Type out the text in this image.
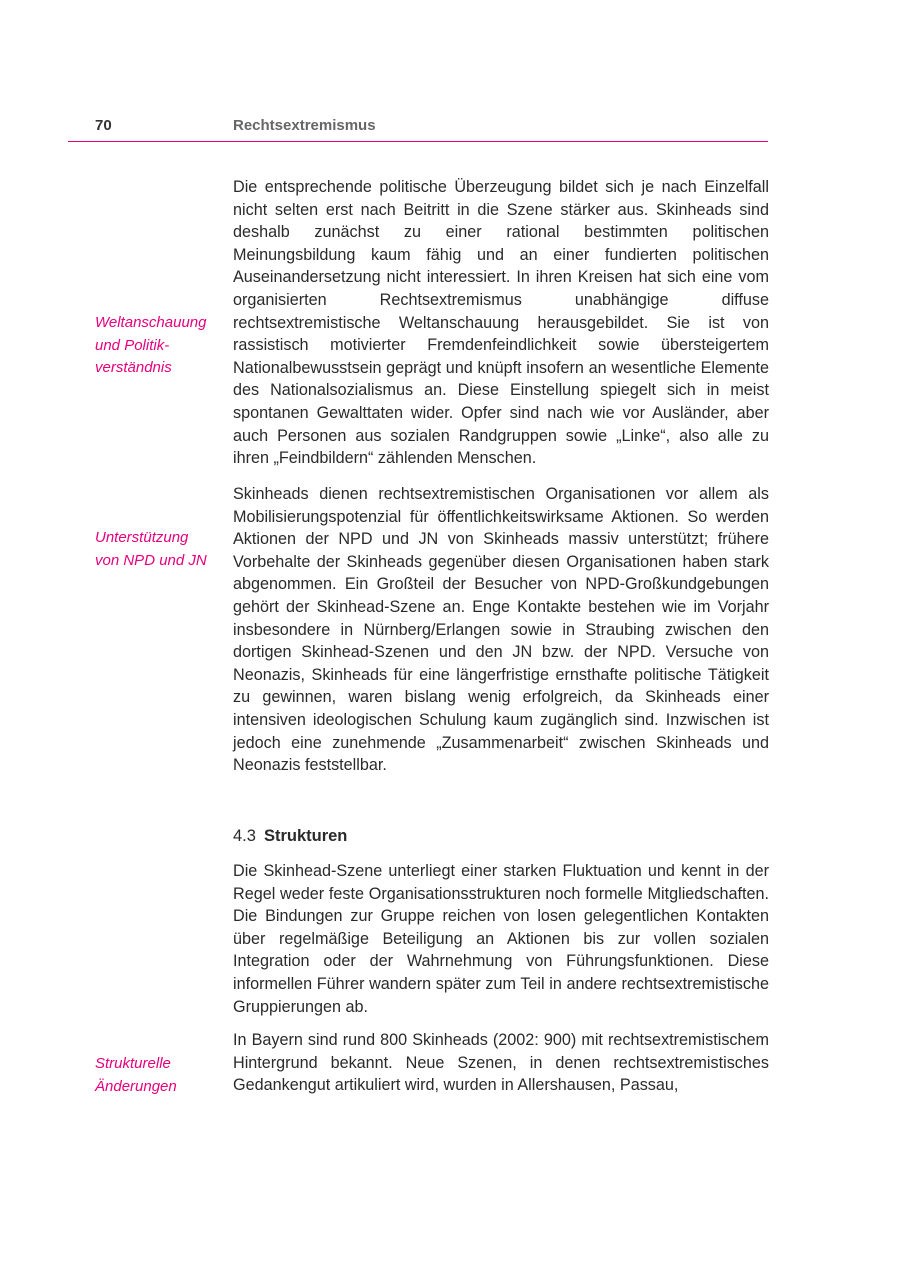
70	Rechtsextremismus

Die entsprechende politische Überzeugung bildet sich je nach Einzelfall nicht selten erst nach Beitritt in die Szene stärker aus. Skinheads sind deshalb zunächst zu einer rational bestimmten politischen Meinungsbildung kaum fähig und an einer fundierten politischen Auseinandersetzung nicht interessiert. In ihren Kreisen hat sich eine vom organisierten Rechtsextremismus unabhängige diffuse rechtsextremistische Weltanschauung herausgebildet. Sie ist von rassistisch motivierter Fremdenfeindlichkeit sowie übersteigertem Nationalbewusstsein geprägt und knüpft insofern an wesentliche Elemente des Nationalsozialismus an. Diese Einstellung spiegelt sich in meist spontanen Gewalttaten wider. Opfer sind nach wie vor Ausländer, aber auch Personen aus sozialen Randgruppen sowie „Linke“, also alle zu ihren „Feindbildern“ zählenden Menschen.

Weltanschauung
und Politik-
verständnis

Skinheads dienen rechtsextremistischen Organisationen vor allem als Mobilisierungspotenzial für öffentlichkeitswirksame Aktionen. So werden Aktionen der NPD und JN von Skinheads massiv unterstützt; frühere Vorbehalte der Skinheads gegenüber diesen Organisationen haben stark abgenommen. Ein Großteil der Besucher von NPD-Großkundgebungen gehört der Skinhead-Szene an. Enge Kontakte bestehen wie im Vorjahr insbesondere in Nürnberg/Erlangen sowie in Straubing zwischen den dortigen Skinhead-Szenen und den JN bzw. der NPD. Versuche von Neonazis, Skinheads für eine längerfristige ernsthafte politische Tätigkeit zu gewinnen, waren bislang wenig erfolgreich, da Skinheads einer intensiven ideologischen Schulung kaum zugänglich sind. Inzwischen ist jedoch eine zunehmende „Zusammenarbeit“ zwischen Skinheads und Neonazis feststellbar.

Unterstützung
von NPD und JN
4.3 Strukturen

Die Skinhead-Szene unterliegt einer starken Fluktuation und kennt in der Regel weder feste Organisationsstrukturen noch formelle Mitgliedschaften. Die Bindungen zur Gruppe reichen von losen gelegentlichen Kontakten über regelmäßige Beteiligung an Aktionen bis zur vollen sozialen Integration oder der Wahrnehmung von Führungsfunktionen. Diese informellen Führer wandern später zum Teil in andere rechtsextremistische Gruppierungen ab.

In Bayern sind rund 800 Skinheads (2002: 900) mit rechtsextremistischem Hintergrund bekannt. Neue Szenen, in denen rechtsextremistisches Gedankengut artikuliert wird, wurden in Allershausen, Passau,

Strukturelle
Änderungen
